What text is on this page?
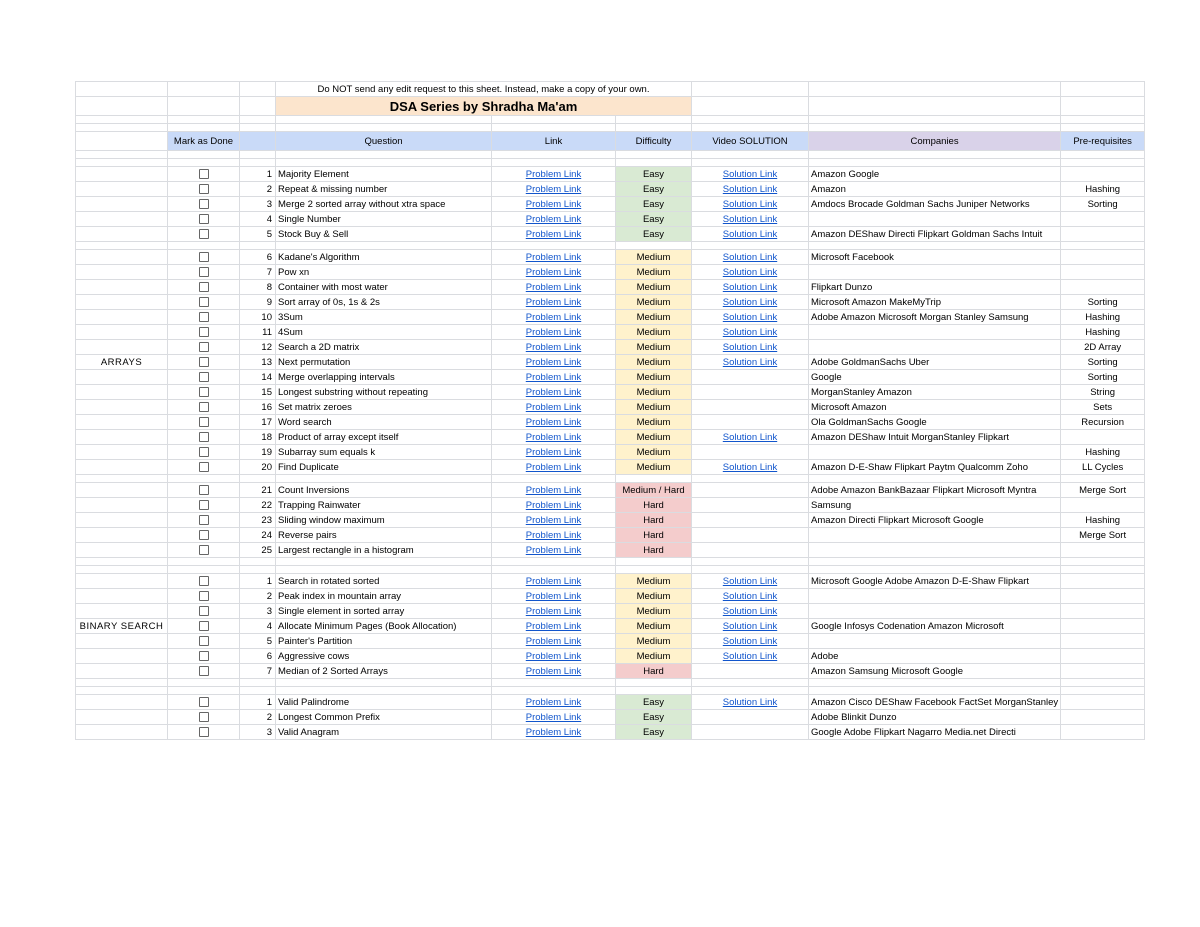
			Do NOT send any edit request to this sheet. Instead, make a copy of your own.					
			DSA Series by Shradha Ma'am					

	Mark as Done		Question	Link	Difficulty	Video SOLUTION	Companies	Pre-requisites

		1	Majority Element	Problem Link	Easy	Solution Link	Amazon Google	
		2	Repeat & missing number	Problem Link	Easy	Solution Link	Amazon	Hashing
		3	Merge 2 sorted array without xtra space	Problem Link	Easy	Solution Link	Amdocs Brocade Goldman Sachs Juniper Networks	Sorting
		4	Single Number	Problem Link	Easy	Solution Link		
		5	Stock Buy & Sell	Problem Link	Easy	Solution Link	Amazon DEShaw Directi Flipkart Goldman Sachs Intuit	

		6	Kadane's Algorithm	Problem Link	Medium	Solution Link	Microsoft Facebook	
		7	Pow xn	Problem Link	Medium	Solution Link		
		8	Container with most water	Problem Link	Medium	Solution Link	Flipkart Dunzo	
		9	Sort array of 0s, 1s & 2s	Problem Link	Medium	Solution Link	Microsoft Amazon MakeMyTrip	Sorting
		10	3Sum	Problem Link	Medium	Solution Link	Adobe Amazon Microsoft Morgan Stanley Samsung	Hashing
		11	4Sum	Problem Link	Medium	Solution Link		Hashing
		12	Search a 2D matrix	Problem Link	Medium	Solution Link		2D Array
ARRAYS		13	Next permutation	Problem Link	Medium	Solution Link	Adobe GoldmanSachs Uber	Sorting
		14	Merge overlapping intervals	Problem Link	Medium		Google	Sorting
		15	Longest substring without repeating	Problem Link	Medium		MorganStanley Amazon	String
		16	Set matrix zeroes	Problem Link	Medium		Microsoft Amazon	Sets
		17	Word search	Problem Link	Medium		Ola GoldmanSachs Google	Recursion
		18	Product of array except itself	Problem Link	Medium	Solution Link	Amazon DEShaw Intuit MorganStanley Flipkart	
		19	Subarray sum equals k	Problem Link	Medium			Hashing
		20	Find Duplicate	Problem Link	Medium	Solution Link	Amazon D-E-Shaw Flipkart Paytm Qualcomm Zoho	LL Cycles

		21	Count Inversions	Problem Link	Medium / Hard		Adobe Amazon BankBazaar Flipkart Microsoft Myntra	Merge Sort
		22	Trapping Rainwater	Problem Link	Hard		Samsung	
		23	Sliding window maximum	Problem Link	Hard		Amazon Directi Flipkart Microsoft Google	Hashing
		24	Reverse pairs	Problem Link	Hard			Merge Sort
		25	Largest rectangle in a histogram	Problem Link	Hard			

		1	Search in rotated sorted	Problem Link	Medium	Solution Link	Microsoft Google Adobe Amazon D-E-Shaw Flipkart	
		2	Peak index in mountain array	Problem Link	Medium	Solution Link		
		3	Single element in sorted array	Problem Link	Medium	Solution Link		
BINARY SEARCH		4	Allocate Minimum Pages (Book Allocation)	Problem Link	Medium	Solution Link	Google Infosys Codenation Amazon Microsoft	
		5	Painter's Partition	Problem Link	Medium	Solution Link		
		6	Aggressive cows	Problem Link	Medium	Solution Link	Adobe	
		7	Median of 2 Sorted Arrays	Problem Link	Hard		Amazon Samsung Microsoft Google	

		1	Valid Palindrome	Problem Link	Easy	Solution Link	Amazon Cisco DEShaw Facebook FactSet MorganStanley	
		2	Longest Common Prefix	Problem Link	Easy		Adobe Blinkit Dunzo	
		3	Valid Anagram	Problem Link	Easy		Google Adobe Flipkart Nagarro Media.net Directi	
